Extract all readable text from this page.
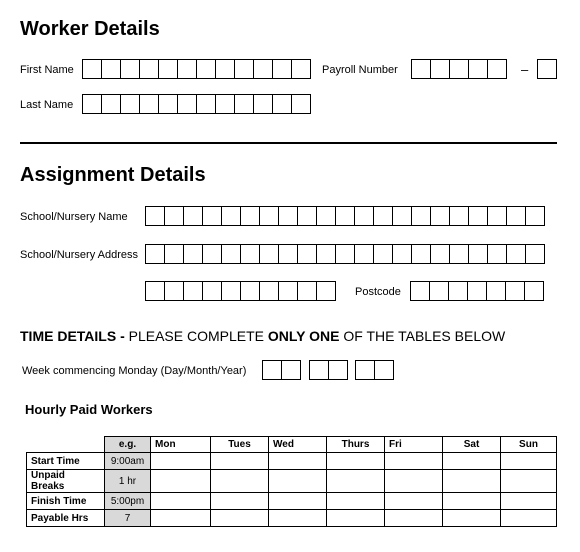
Worker Details
First Name	Payroll Number	–
Last Name
Assignment Details
School/Nursery Name
School/Nursery Address
Postcode
TIME DETAILS - PLEASE COMPLETE ONLY ONE OF THE TABLES BELOW
Week commencing Monday (Day/Month/Year)
Hourly Paid Workers
	e.g.	Mon	Tues	Wed	Thurs	Fri	Sat	Sun
Start Time	9:00am							
Unpaid Breaks	1 hr							
Finish Time	5:00pm							
Payable Hrs	7							
